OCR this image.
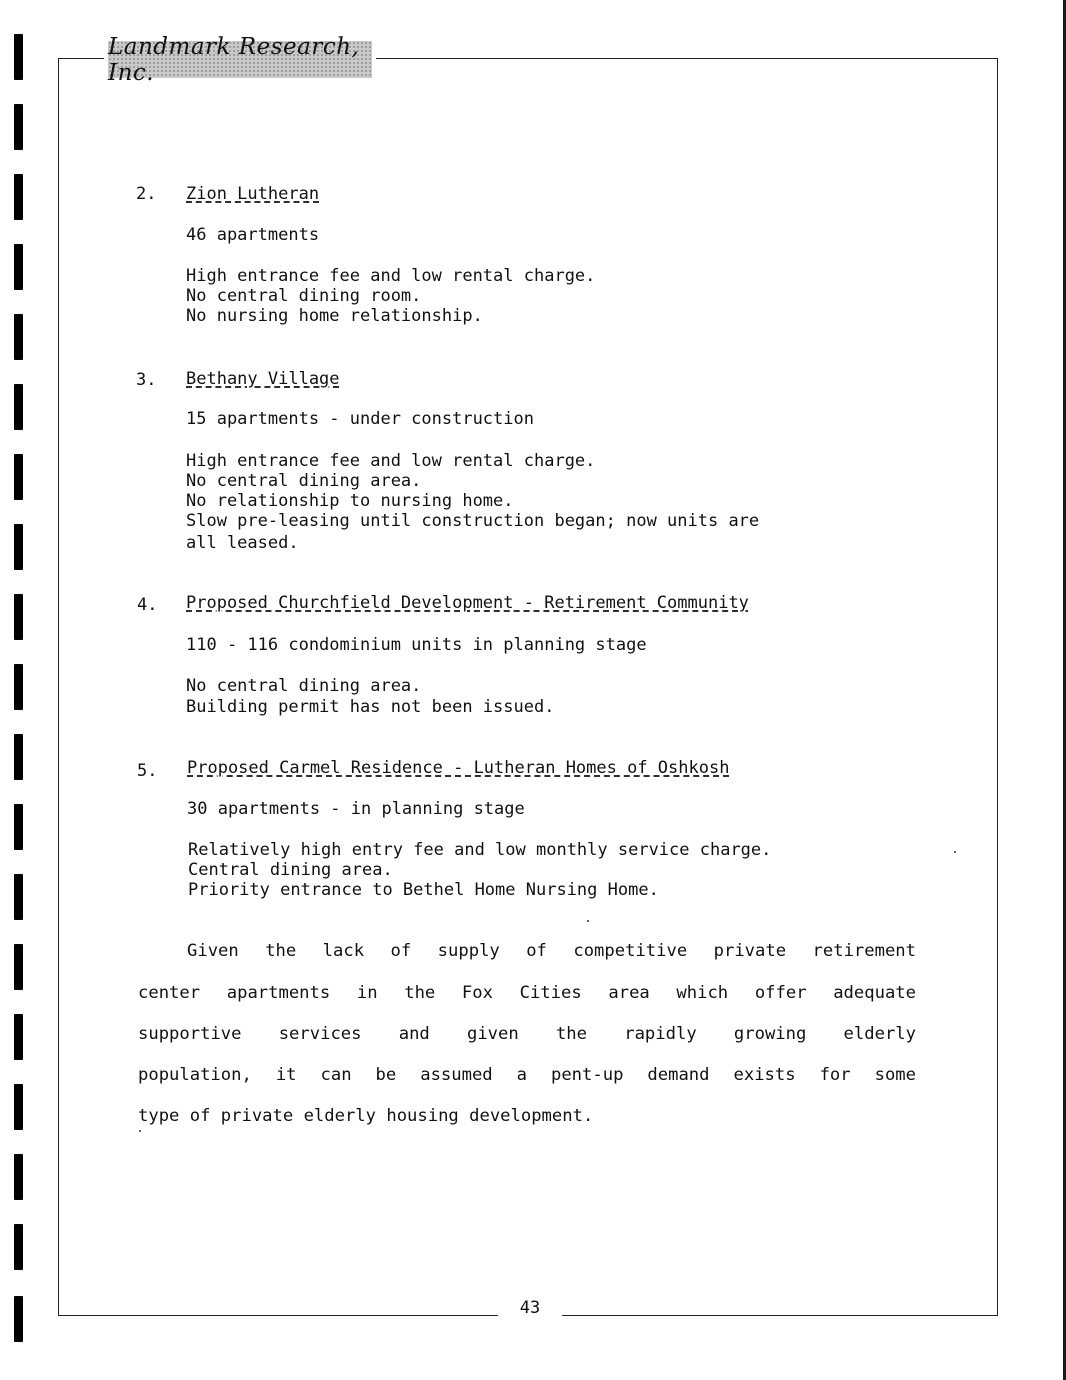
Landmark Research, Inc.
2. Zion Lutheran
46 apartments
High entrance fee and low rental charge.
No central dining room.
No nursing home relationship.
3. Bethany Village
15 apartments - under construction
High entrance fee and low rental charge.
No central dining area.
No relationship to nursing home.
Slow pre-leasing until construction began; now units are
all leased.
4. Proposed Churchfield Development - Retirement Community
110 - 116 condominium units in planning stage
No central dining area.
Building permit has not been issued.
5. Proposed Carmel Residence - Lutheran Homes of Oshkosh
30 apartments - in planning stage
Relatively high entry fee and low monthly service charge.
Central dining area.
Priority entrance to Bethel Home Nursing Home.
Given the lack of supply of competitive private retirement
center apartments in the Fox Cities area which offer adequate
supportive services and given the rapidly growing elderly
population, it can be assumed a pent-up demand exists for some
type of private elderly housing development.
43
